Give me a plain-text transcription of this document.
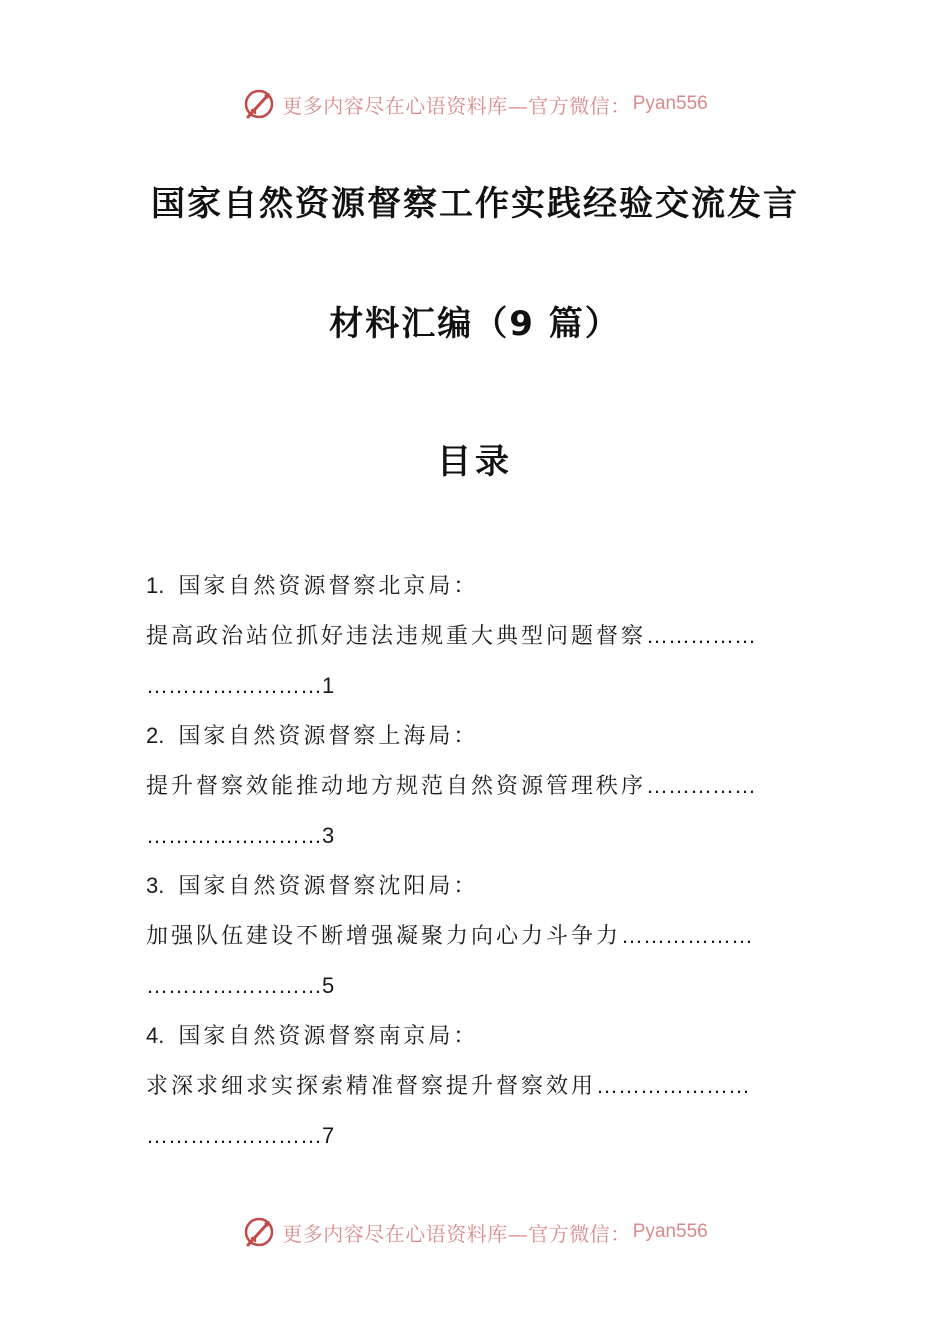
更多内容尽在心语资料库—官方微信： Pyan556
国家自然资源督察工作实践经验交流发言
材料汇编（9 篇）
目录
1. 国家自然资源督察北京局：
提高政治站位抓好违法违规重大典型问题督察……………
……………………1
2. 国家自然资源督察上海局：
提升督察效能推动地方规范自然资源管理秩序……………
……………………3
3. 国家自然资源督察沈阳局：
加强队伍建设不断增强凝聚力向心力斗争力………………
……………………5
4. 国家自然资源督察南京局：
求深求细求实探索精准督察提升督察效用…………………
……………………7
更多内容尽在心语资料库—官方微信： Pyan556
